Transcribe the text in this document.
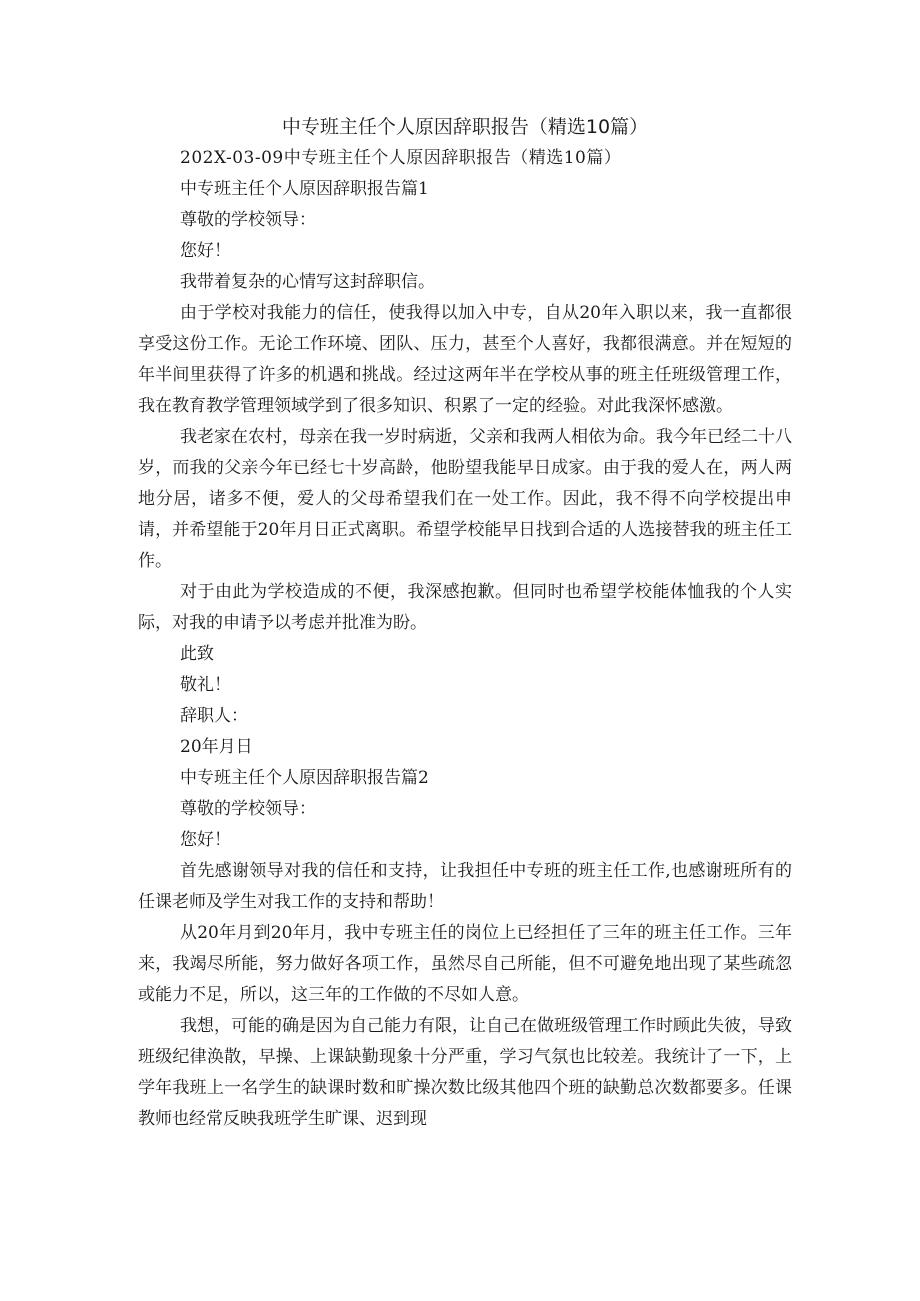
中专班主任个人原因辞职报告（精选10篇）
202X-03-09中专班主任个人原因辞职报告（精选10篇）
中专班主任个人原因辞职报告篇1
尊敬的学校领导：
您好！
我带着复杂的心情写这封辞职信。

由于学校对我能力的信任，使我得以加入中专，自从20年入职以来，我一直都很享受这份工作。无论工作环境、团队、压力，甚至个人喜好，我都很满意。并在短短的年半间里获得了许多的机遇和挑战。经过这两年半在学校从事的班主任班级管理工作，我在教育教学管理领域学到了很多知识、积累了一定的经验。对此我深怀感激。

我老家在农村，母亲在我一岁时病逝，父亲和我两人相依为命。我今年已经二十八岁，而我的父亲今年已经七十岁高龄，他盼望我能早日成家。由于我的爱人在，两人两地分居，诸多不便，爱人的父母希望我们在一处工作。因此，我不得不向学校提出申请，并希望能于20年月日正式离职。希望学校能早日找到合适的人选接替我的班主任工作。

对于由此为学校造成的不便，我深感抱歉。但同时也希望学校能体恤我的个人实际，对我的申请予以考虑并批准为盼。

此致
敬礼！
辞职人：
20年月日
中专班主任个人原因辞职报告篇2
尊敬的学校领导：
您好！

首先感谢领导对我的信任和支持，让我担任中专班的班主任工作,也感谢班所有的任课老师及学生对我工作的支持和帮助！

从20年月到20年月，我中专班主任的岗位上已经担任了三年的班主任工作。三年来，我竭尽所能，努力做好各项工作，虽然尽自己所能，但不可避免地出现了某些疏忽或能力不足，所以，这三年的工作做的不尽如人意。

我想，可能的确是因为自己能力有限，让自己在做班级管理工作时顾此失彼，导致班级纪律涣散，早操、上课缺勤现象十分严重，学习气氛也比较差。我统计了一下，上学年我班上一名学生的缺课时数和旷操次数比级其他四个班的缺勤总次数都要多。任课教师也经常反映我班学生旷课、迟到现
